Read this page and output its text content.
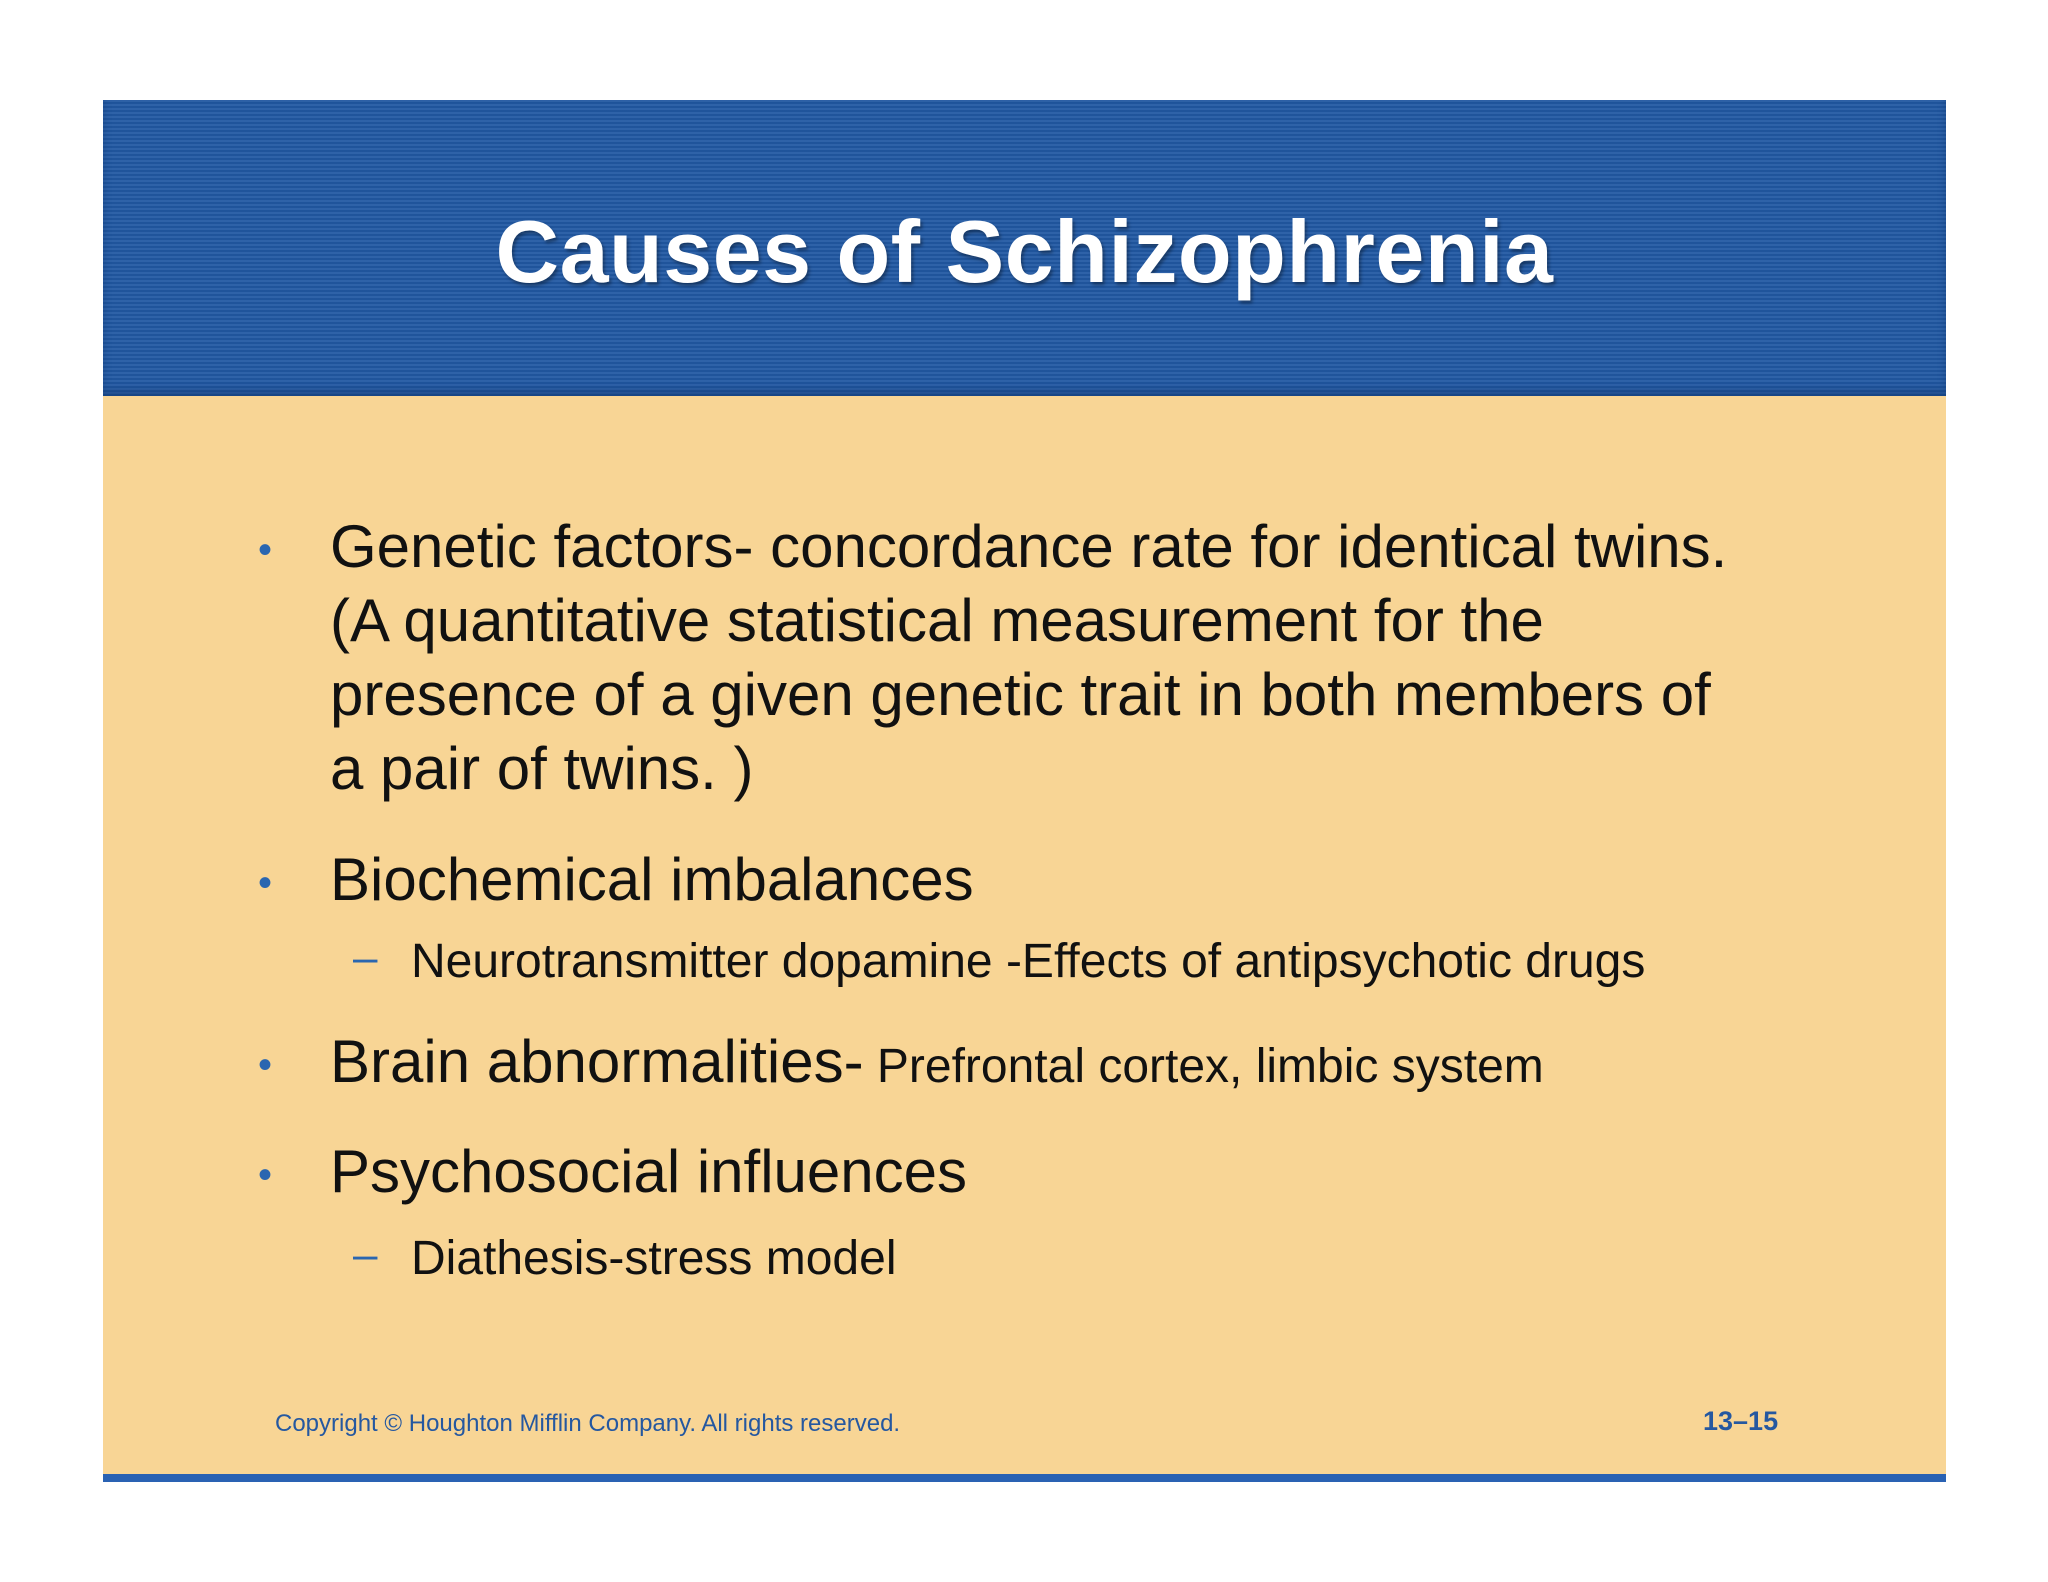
Causes of Schizophrenia
• Genetic factors- concordance rate for identical twins.
(A quantitative statistical measurement for the
presence of a given genetic trait in both members of
a pair of twins. )
• Biochemical imbalances
– Neurotransmitter dopamine -Effects of antipsychotic drugs
• Brain abnormalities- Prefrontal cortex, limbic system
• Psychosocial influences
– Diathesis-stress model
Copyright © Houghton Mifflin Company. All rights reserved.	13–15
